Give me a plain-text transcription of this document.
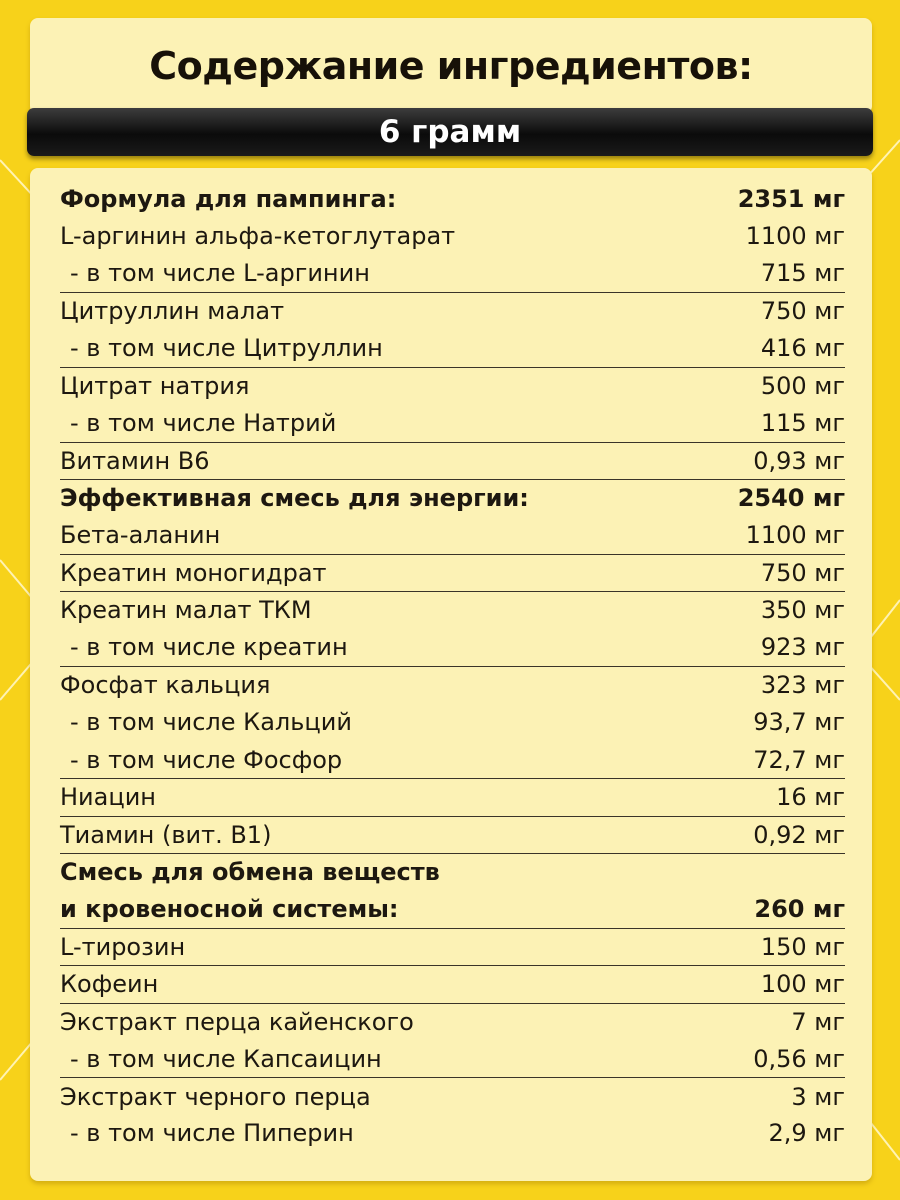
Содержание ингредиентов:
6 грамм
Формула для пампинга:	2351 мг
L-аргинин альфа-кетоглутарат	1100 мг
- в том числе L-аргинин	715 мг
Цитруллин малат	750 мг
- в том числе Цитруллин	416 мг
Цитрат натрия	500 мг
- в том числе Натрий	115 мг
Витамин В6	0,93 мг
Эффективная смесь для энергии:	2540 мг
Бета-аланин	1100 мг
Креатин моногидрат	750 мг
Креатин малат ТКМ	350 мг
- в том числе креатин	923 мг
Фосфат кальция	323 мг
- в том числе Кальций	93,7 мг
- в том числе Фосфор	72,7 мг
Ниацин	16 мг
Тиамин (вит. В1)	0,92 мг
Смесь для обмена веществ
и кровеносной системы:	260 мг
L-тирозин	150 мг
Кофеин	100 мг
Экстракт перца кайенского	7 мг
- в том числе Капсаицин	0,56 мг
Экстракт черного перца	3 мг
- в том числе Пиперин	2,9 мг
